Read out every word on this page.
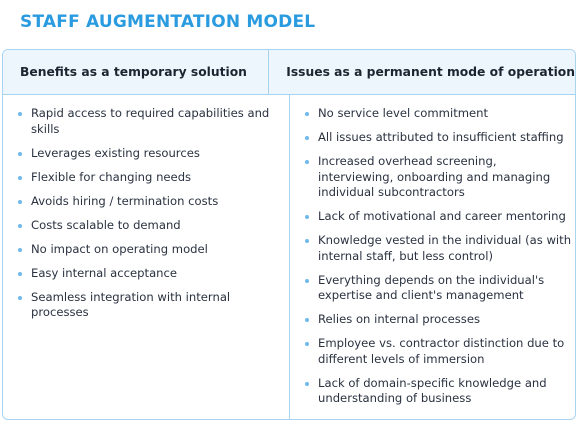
STAFF AUGMENTATION MODEL
Benefits as a temporary solution	Issues as a permanent mode of operation
Rapid access to required capabilities and skills
Leverages existing resources
Flexible for changing needs
Avoids hiring / termination costs
Costs scalable to demand
No impact on operating model
Easy internal acceptance
Seamless integration with internal processes
No service level commitment
All issues attributed to insufficient staffing
Increased overhead screening, interviewing, onboarding and managing individual subcontractors
Lack of motivational and career mentoring
Knowledge vested in the individual (as with internal staff, but less control)
Everything depends on the individual's expertise and client's management
Relies on internal processes
Employee vs. contractor distinction due to different levels of immersion
Lack of domain-specific knowledge and understanding of business
